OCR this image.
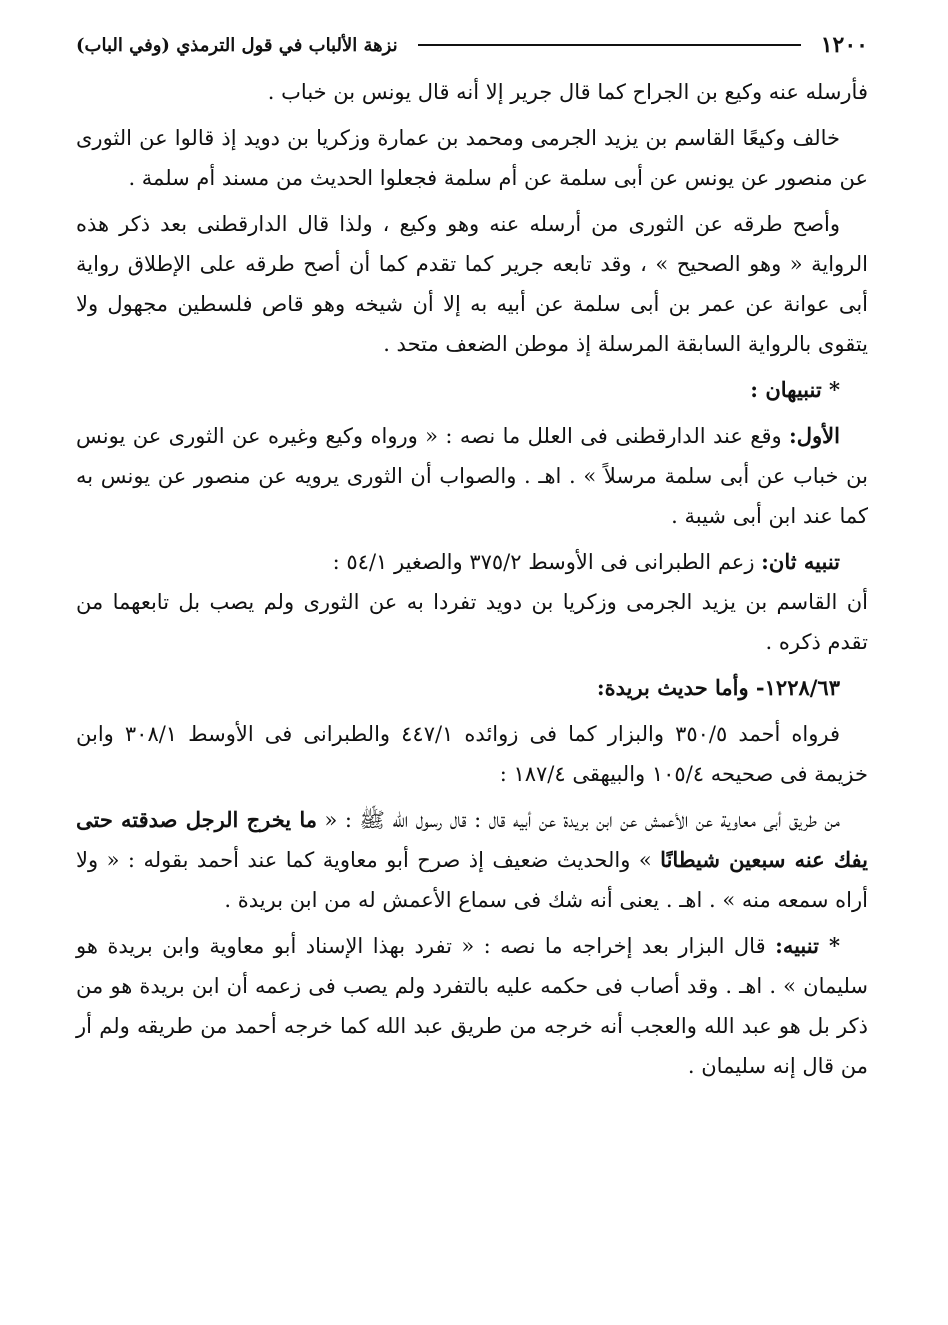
١٢٠٠
نزهة الألباب في قول الترمذي (وفي الباب)

فأرسله عنه وكيع بن الجراح كما قال جرير إلا أنه قال يونس بن خباب .

خالف وكيعًا القاسم بن يزيد الجرمى ومحمد بن عمارة وزكريا بن دويد إذ قالوا عن الثورى عن منصور عن يونس عن أبى سلمة عن أم سلمة فجعلوا الحديث من مسند أم سلمة .

وأصح طرقه عن الثورى من أرسله عنه وهو وكيع ، ولذا قال الدارقطنى بعد ذكر هذه الرواية « وهو الصحيح » ، وقد تابعه جرير كما تقدم كما أن أصح طرقه على الإطلاق رواية أبى عوانة عن عمر بن أبى سلمة عن أبيه به إلا أن شيخه وهو قاص فلسطين مجهول ولا يتقوى بالرواية السابقة المرسلة إذ موطن الضعف متحد .

* تنبيهان :

الأول: وقع عند الدارقطنى فى العلل ما نصه : « ورواه وكيع وغيره عن الثورى عن يونس بن خباب عن أبى سلمة مرسلاً » . اهـ . والصواب أن الثورى يرويه عن منصور عن يونس به كما عند ابن أبى شيبة .

تنبيه ثان: زعم الطبرانى فى الأوسط ٣٧٥/٢ والصغير ٥٤/١ :

أن القاسم بن يزيد الجرمى وزكريا بن دويد تفردا به عن الثورى ولم يصب بل تابعهما من تقدم ذكره .

١٢٢٨/٦٣- وأما حديث بريدة:

فرواه أحمد ٣٥٠/٥ والبزار كما فى زوائده ٤٤٧/١ والطبرانى فى الأوسط ٣٠٨/١ وابن خزيمة فى صحيحه ١٠٥/٤ والبيهقى ١٨٧/٤ :

من طريق أبى معاوية عن الأعمش عن ابن بريدة عن أبيه قال : قال رسول الله ﷺ : « ما يخرج الرجل صدقته حتى يفك عنه سبعين شيطانًا » والحديث ضعيف إذ صرح أبو معاوية كما عند أحمد بقوله : « ولا أراه سمعه منه » . اهـ . يعنى أنه شك فى سماع الأعمش له من ابن بريدة .

* تنبيه: قال البزار بعد إخراجه ما نصه : « تفرد بهذا الإسناد أبو معاوية وابن بريدة هو سليمان » . اهـ . وقد أصاب فى حكمه عليه بالتفرد ولم يصب فى زعمه أن ابن بريدة هو من ذكر بل هو عبد الله والعجب أنه خرجه من طريق عبد الله كما خرجه أحمد من طريقه ولم أر من قال إنه سليمان .
